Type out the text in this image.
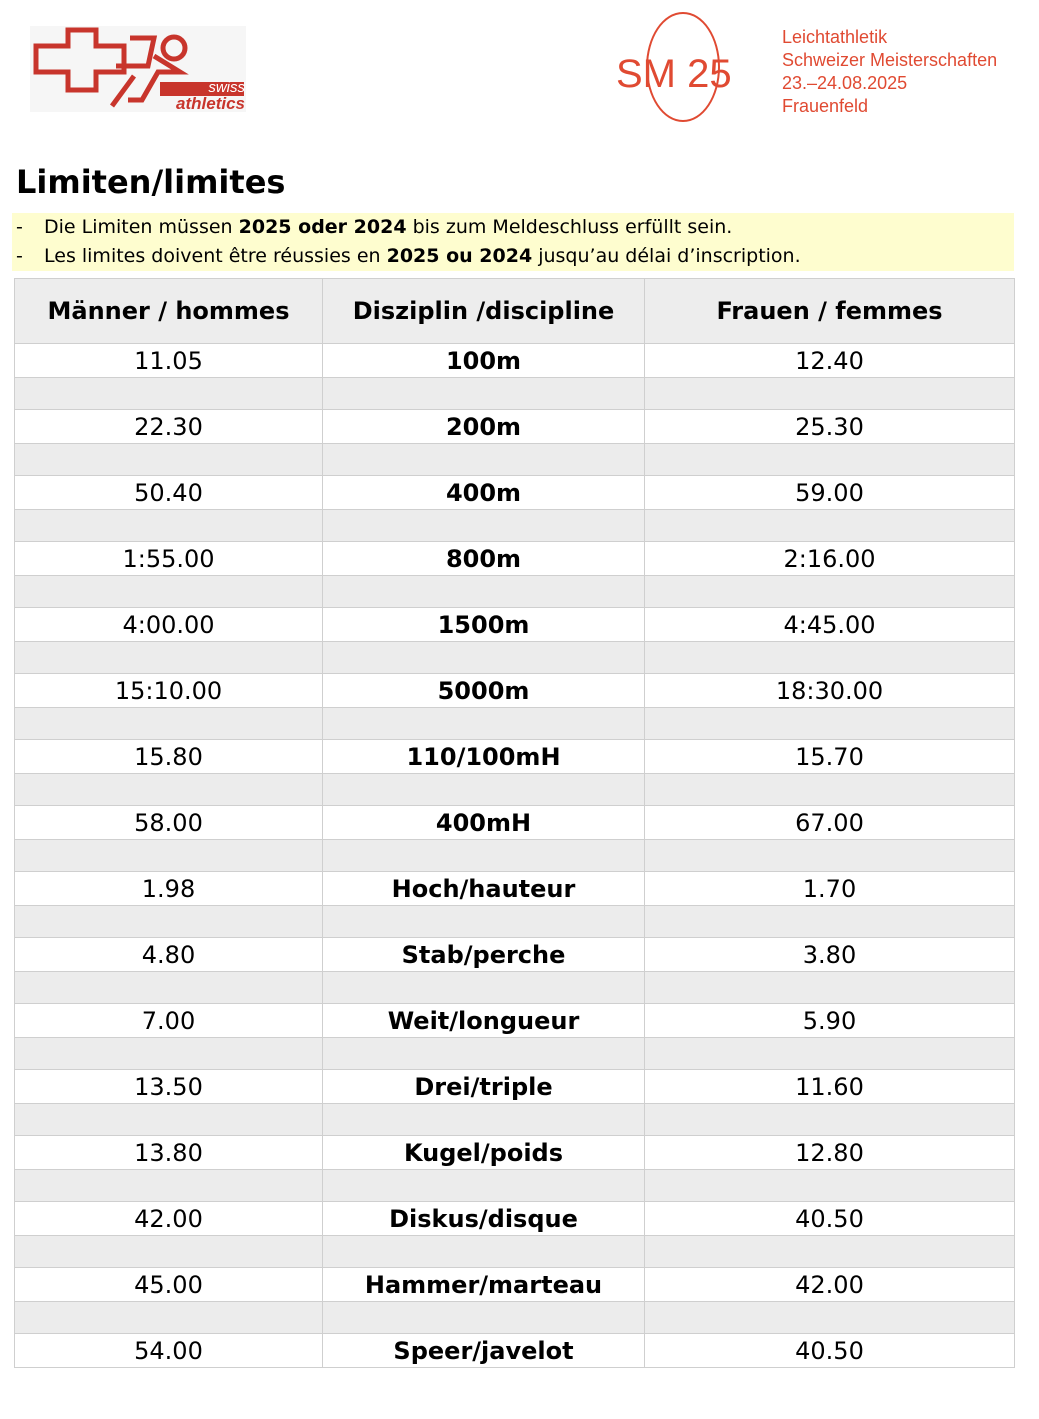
swiss
athletics
SM 25
Leichtathletik
Schweizer Meisterschaften
23.–24.08.2025
Frauenfeld
Limiten/limites
- Die Limiten müssen 2025 oder 2024 bis zum Meldeschluss erfüllt sein.
- Les limites doivent être réussies en 2025 ou 2024 jusqu’au délai d’inscription.
Männer / hommes	Disziplin /discipline	Frauen / femmes
11.05	100m	12.40

22.30	200m	25.30

50.40	400m	59.00

1:55.00	800m	2:16.00

4:00.00	1500m	4:45.00

15:10.00	5000m	18:30.00

15.80	110/100mH	15.70

58.00	400mH	67.00

1.98	Hoch/hauteur	1.70

4.80	Stab/perche	3.80

7.00	Weit/longueur	5.90

13.50	Drei/triple	11.60

13.80	Kugel/poids	12.80

42.00	Diskus/disque	40.50

45.00	Hammer/marteau	42.00

54.00	Speer/javelot	40.50
